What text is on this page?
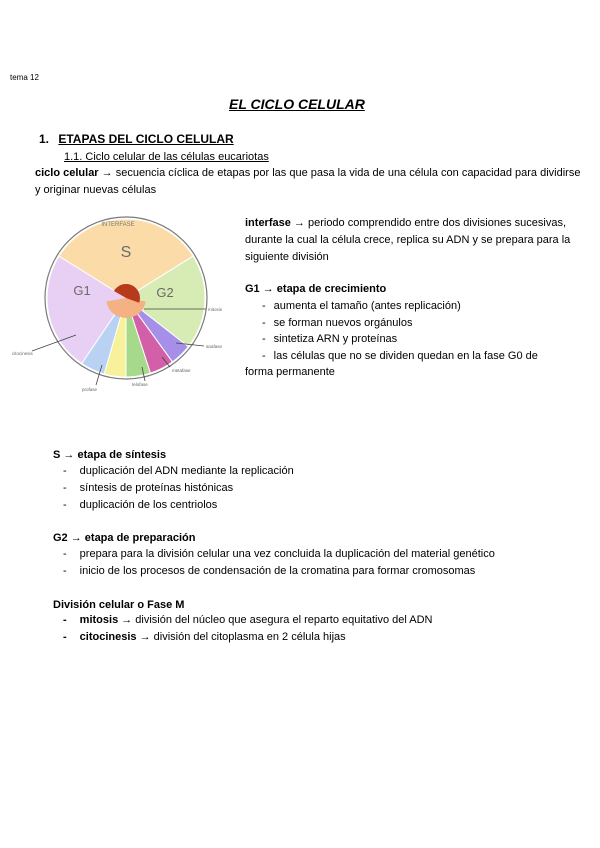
tema 12
EL CICLO CELULAR
1. ETAPAS DEL CICLO CELULAR
1.1. Ciclo celular de las células eucariotas
ciclo celular → secuencia cíclica de etapas por las que pasa la vida de una célula con capacidad para dividirse
y originar nuevas células
S
G1	G2
INTERFASE
mitosis
citocinesis
profase
telofase
metafase
anafase
interfase → periodo comprendido entre dos divisiones sucesivas,
durante la cual la célula crece, replica su ADN y se prepara para la
siguiente división
G1 → etapa de crecimiento
- aumenta el tamaño (antes replicación)
- se forman nuevos orgánulos
- sintetiza ARN y proteínas
- las células que no se dividen quedan en la fase G0 de
forma permanente
S → etapa de síntesis
- duplicación del ADN mediante la replicación
- síntesis de proteínas histónicas
- duplicación de los centriolos
G2 → etapa de preparación
- prepara para la división celular una vez concluida la duplicación del material genético
- inicio de los procesos de condensación de la cromatina para formar cromosomas
División celular o Fase M
- mitosis → división del núcleo que asegura el reparto equitativo del ADN
- citocinesis → división del citoplasma en 2 célula hijas
